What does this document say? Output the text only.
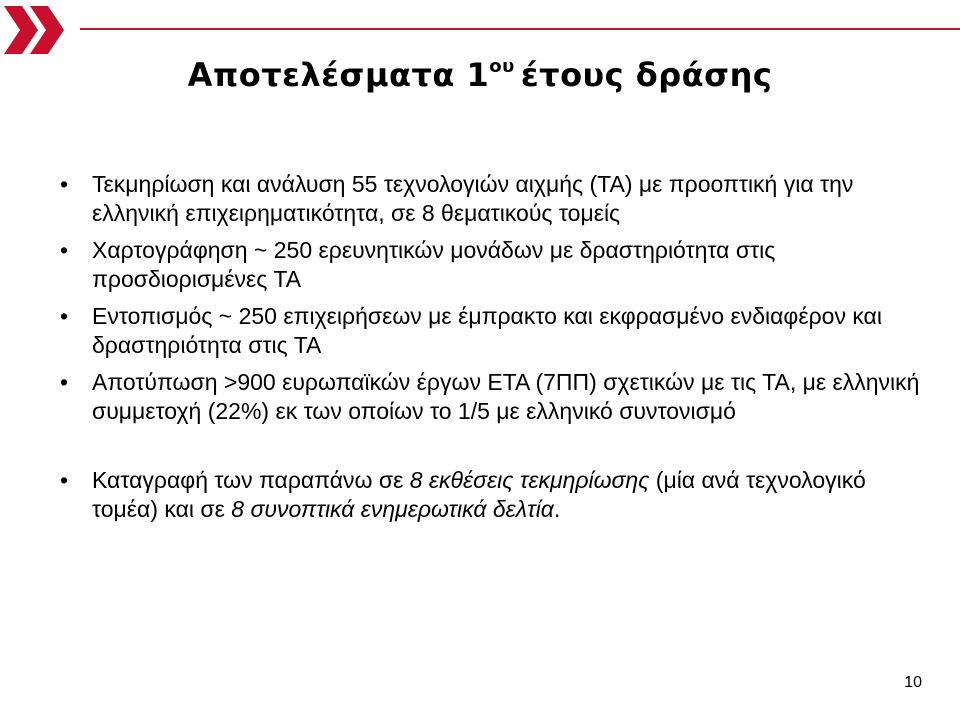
Αποτελέσματα $1^{o\upsilon}$ έτους δράσης
•	Τεκμηρίωση και ανάλυση 55 τεχνολογιών αιχμής (ΤΑ) με προοπτική για την ελληνική επιχειρηματικότητα, σε 8 θεματικούς τομείς
•	Χαρτογράφηση ~ 250 ερευνητικών μονάδων με δραστηριότητα στις προσδιορισμένες ΤΑ
•	Εντοπισμός ~ 250 επιχειρήσεων με έμπρακτο και εκφρασμένο ενδιαφέρον και δραστηριότητα στις ΤΑ
•	Αποτύπωση >900 ευρωπαϊκών έργων ΕΤΑ (7ΠΠ) σχετικών με τις ΤΑ, με ελληνική συμμετοχή (22%) εκ των οποίων το 1/5 με ελληνικό συντονισμό
•	Καταγραφή των παραπάνω σε 8 εκθέσεις τεκμηρίωσης (μία ανά τεχνολογικό τομέα) και σε 8 συνοπτικά ενημερωτικά δελτία.
10
